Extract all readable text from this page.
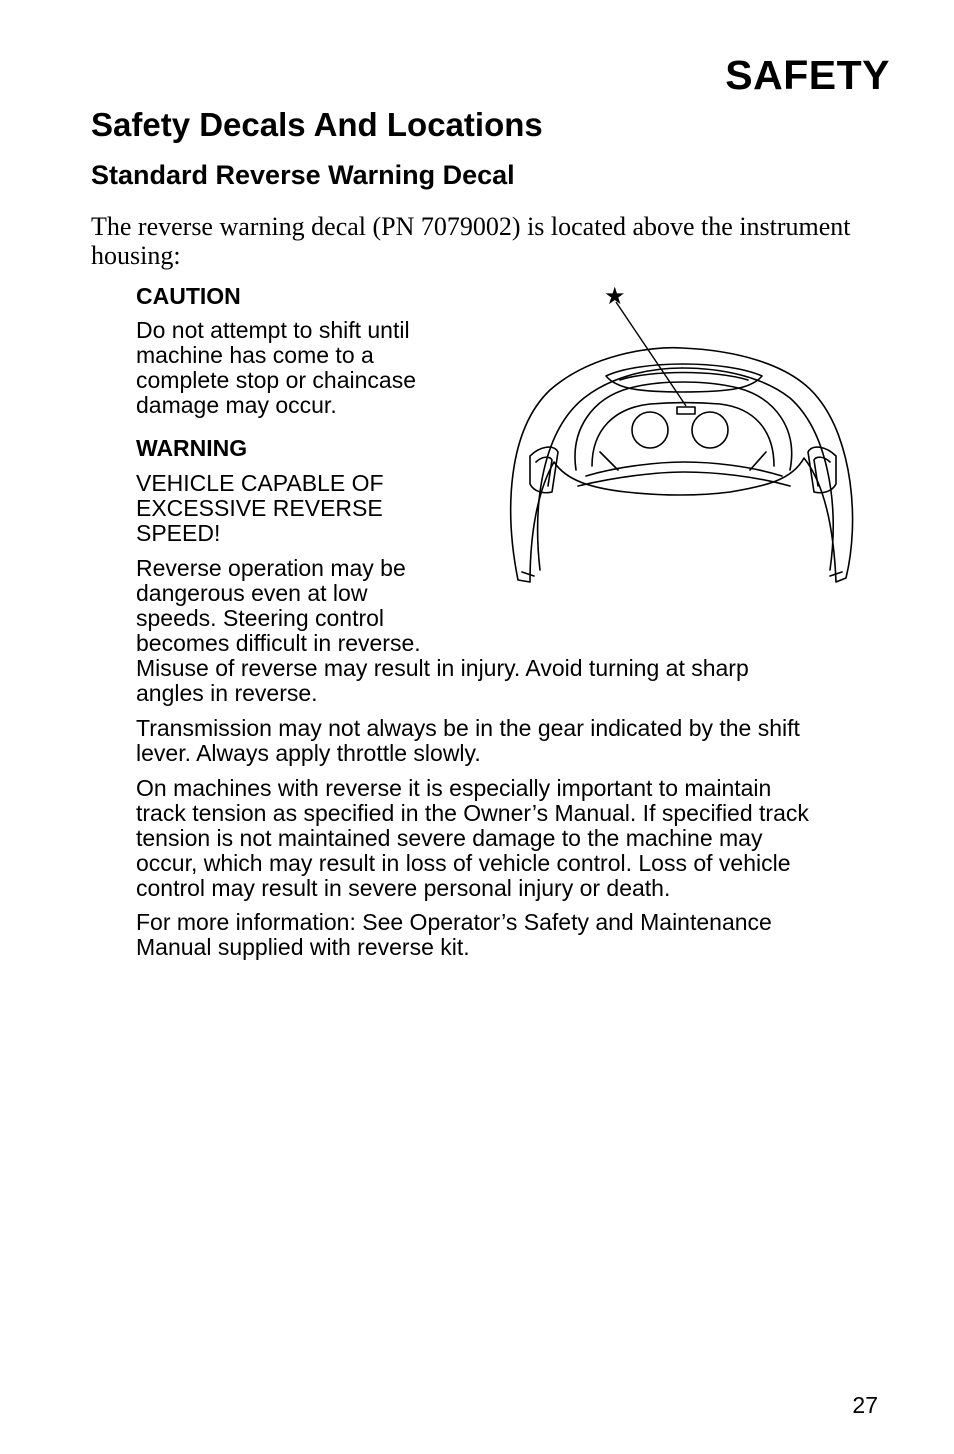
SAFETY
Safety Decals And Locations
Standard Reverse Warning Decal
The reverse warning decal (PN 7079002) is located above the instrument housing:
CAUTION
Do not attempt to shift until
machine has come to a
complete stop or chaincase
damage may occur.
WARNING
VEHICLE CAPABLE OF
EXCESSIVE REVERSE
SPEED!
Reverse operation may be
dangerous even at low
speeds. Steering control
becomes difficult in reverse.
Misuse of reverse may result in injury. Avoid turning at sharp
angles in reverse.
Transmission may not always be in the gear indicated by the shift
lever. Always apply throttle slowly.
On machines with reverse it is especially important to maintain
track tension as specified in the Owner’s Manual. If specified track
tension is not maintained severe damage to the machine may
occur, which may result in loss of vehicle control. Loss of vehicle
control may result in severe personal injury or death.
For more information: See Operator’s Safety and Maintenance
Manual supplied with reverse kit.
★
27
